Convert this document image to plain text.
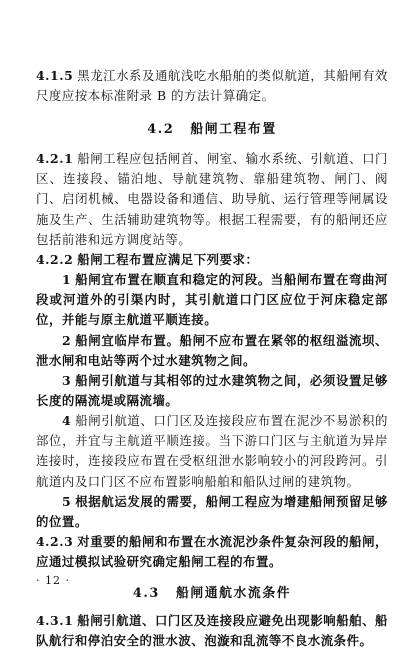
4.1.5 黑龙江水系及通航浅吃水船舶的类似航道，其船闸有效尺度应按本标准附录 B 的方法计算确定。

4.2 船闸工程布置

4.2.1 船闸工程应包括闸首、闸室、输水系统、引航道、口门区、连接段、锚泊地、导航建筑物、靠船建筑物、闸门、阀门、启闭机械、电器设备和通信、助导航、运行管理等闸属设施及生产、生活辅助建筑物等。根据工程需要，有的船闸还应包括前港和远方调度站等。

4.2.2 船闸工程布置应满足下列要求：

1 船闸宜布置在顺直和稳定的河段。当船闸布置在弯曲河段或河道外的引渠内时，其引航道口门区应位于河床稳定部位，并能与原主航道平顺连接。

2 船闸宜临岸布置。船闸不应布置在紧邻的枢纽溢流坝、泄水闸和电站等两个过水建筑物之间。

3 船闸引航道与其相邻的过水建筑物之间，必须设置足够长度的隔流堤或隔流墙。

4 船闸引航道、口门区及连接段应布置在泥沙不易淤积的部位，并宜与主航道平顺连接。当下游口门区与主航道为异岸连接时，连接段应布置在受枢纽泄水影响较小的河段跨河。引航道内及口门区不应布置影响船舶和船队过闸的建筑物。

5 根据航运发展的需要，船闸工程应为增建船闸预留足够的位置。

4.2.3 对重要的船闸和布置在水流泥沙条件复杂河段的船闸，应通过模拟试验研究确定船闸工程的布置。

4.3 船闸通航水流条件

4.3.1 船闸引航道、口门区及连接段应避免出现影响船舶、船队航行和停泊安全的泄水波、泡漩和乱流等不良水流条件。

· 12 ·
